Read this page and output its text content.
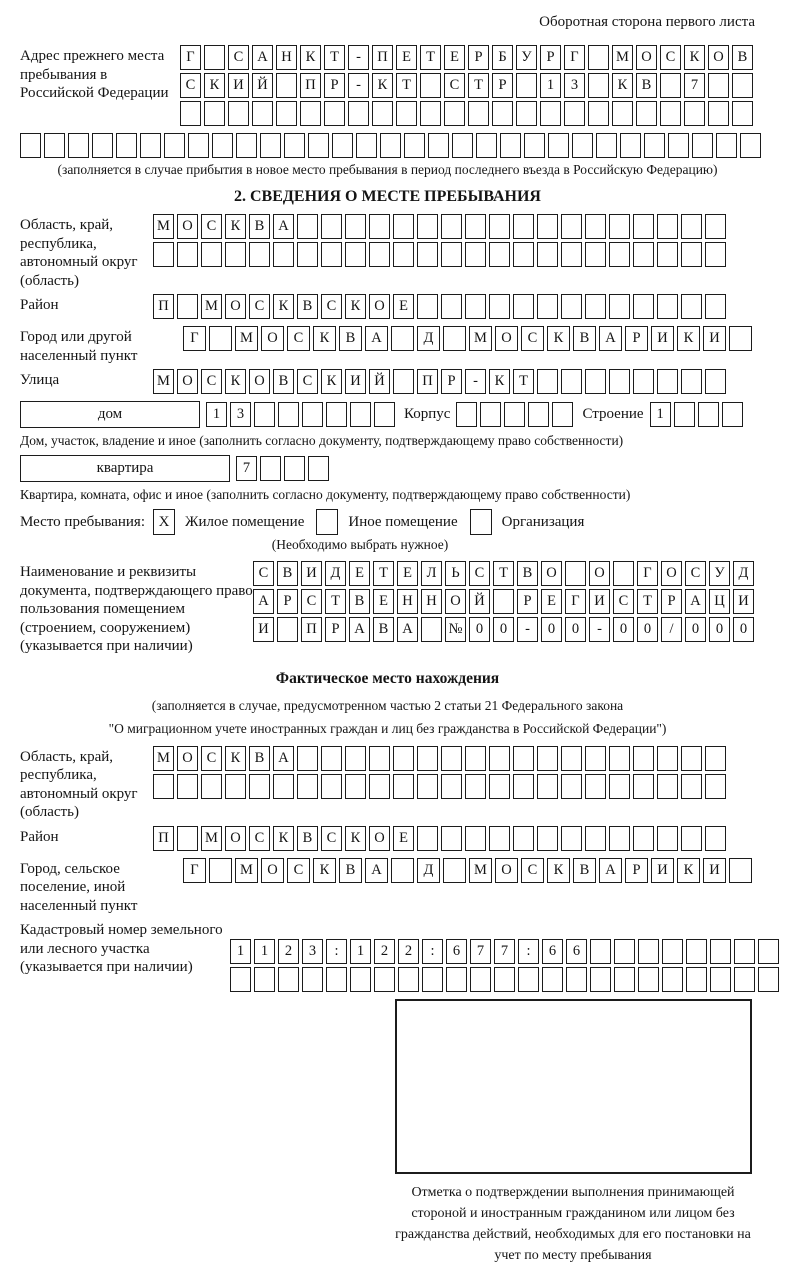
Оборотная сторона первого листа
Адрес прежнего места пребывания в Российской Федерации
Г	С А Н К	Т	-	П Е	Т	Е	Р	Б	У	Р	Г	М О С К О В
С К И Й	П	Р	-	К	Т	С	Т	Р	1	3	К В	7
(заполняется в случае прибытия в новое место пребывания в период последнего въезда в Российскую Федерацию)
2. СВЕДЕНИЯ О МЕСТЕ ПРЕБЫВАНИЯ
Область, край, республика, автономный округ (область)
М О С К В А
Район	П	М О С К В С К О Е
Город или другой населенный пункт
Г	М О	С	К	В	А	Д	М О	С	К	В	А	Р	И	К	И
Улица	М О С К О В С К И Й	П	Р	-	К	Т
дом	1	3	Корпус	Строение 1
Дом, участок, владение и иное (заполнить согласно документу, подтверждающему право собственности)
квартира	7
Квартира, комната, офис и иное (заполнить согласно документу, подтверждающему право собственности)
Место пребывания: X	Жилое помещение	Иное помещение	Организация
(Необходимо выбрать нужное)
Наименование и реквизиты документа, подтверждающего право пользования помещением (строением, сооружением) (указывается при наличии)
С В И Д	Е	Т	Е	Л	Ь	С	Т	В О	О	Г	О С У Д
А	Р	С	Т	В	Е Н Н О Й	Р	Е	Г	И С	Т	Р	А Ц И
И	П	Р	А В А	№ 0	0	-	0	0	-	0	0	/	0	0	0
Фактическое место нахождения
(заполняется в случае, предусмотренном частью 2 статьи 21 Федерального закона
"О миграционном учете иностранных граждан и лиц без гражданства в Российской Федерации")
Область, край, республика, автономный округ (область)
М О С К В А
Район	П	М О С К В С К О Е
Город, сельское поселение, иной населенный пункт
Г	М О	С	К	В	А	Д	М О	С	К	В	А	Р	И	К	И
Кадастровый номер земельного или лесного участка (указывается при наличии)
1	1	2	3	:	1	2	2	:	6	7	7	:	6	6
Отметка о подтверждении выполнения принимающей стороной и иностранным гражданином или лицом без гражданства действий, необходимых для его постановки на учет по месту пребывания
